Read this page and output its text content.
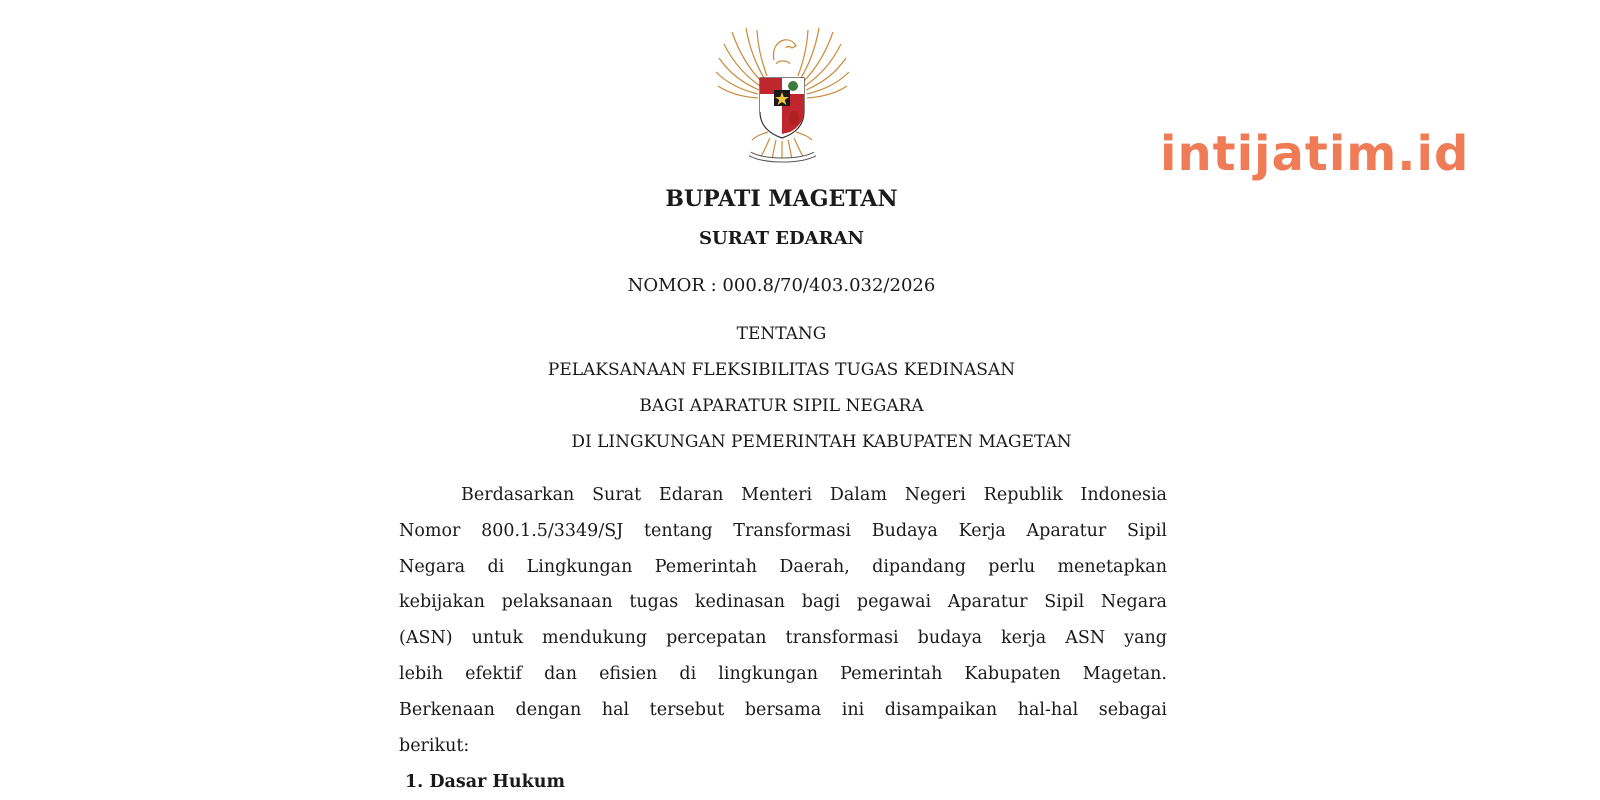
intijatim.id
BUPATI MAGETAN
SURAT EDARAN
NOMOR : 000.8/70/403.032/2026
TENTANG
PELAKSANAAN FLEKSIBILITAS TUGAS KEDINASAN
BAGI APARATUR SIPIL NEGARA
DI LINGKUNGAN PEMERINTAH KABUPATEN MAGETAN
Berdasarkan Surat Edaran Menteri Dalam Negeri Republik Indonesia
Nomor 800.1.5/3349/SJ tentang Transformasi Budaya Kerja Aparatur Sipil
Negara di Lingkungan Pemerintah Daerah, dipandang perlu menetapkan
kebijakan pelaksanaan tugas kedinasan bagi pegawai Aparatur Sipil Negara
(ASN) untuk mendukung percepatan transformasi budaya kerja ASN yang
lebih efektif dan efisien di lingkungan Pemerintah Kabupaten Magetan.
Berkenaan dengan hal tersebut bersama ini disampaikan hal-hal sebagai
berikut:
1. Dasar Hukum
